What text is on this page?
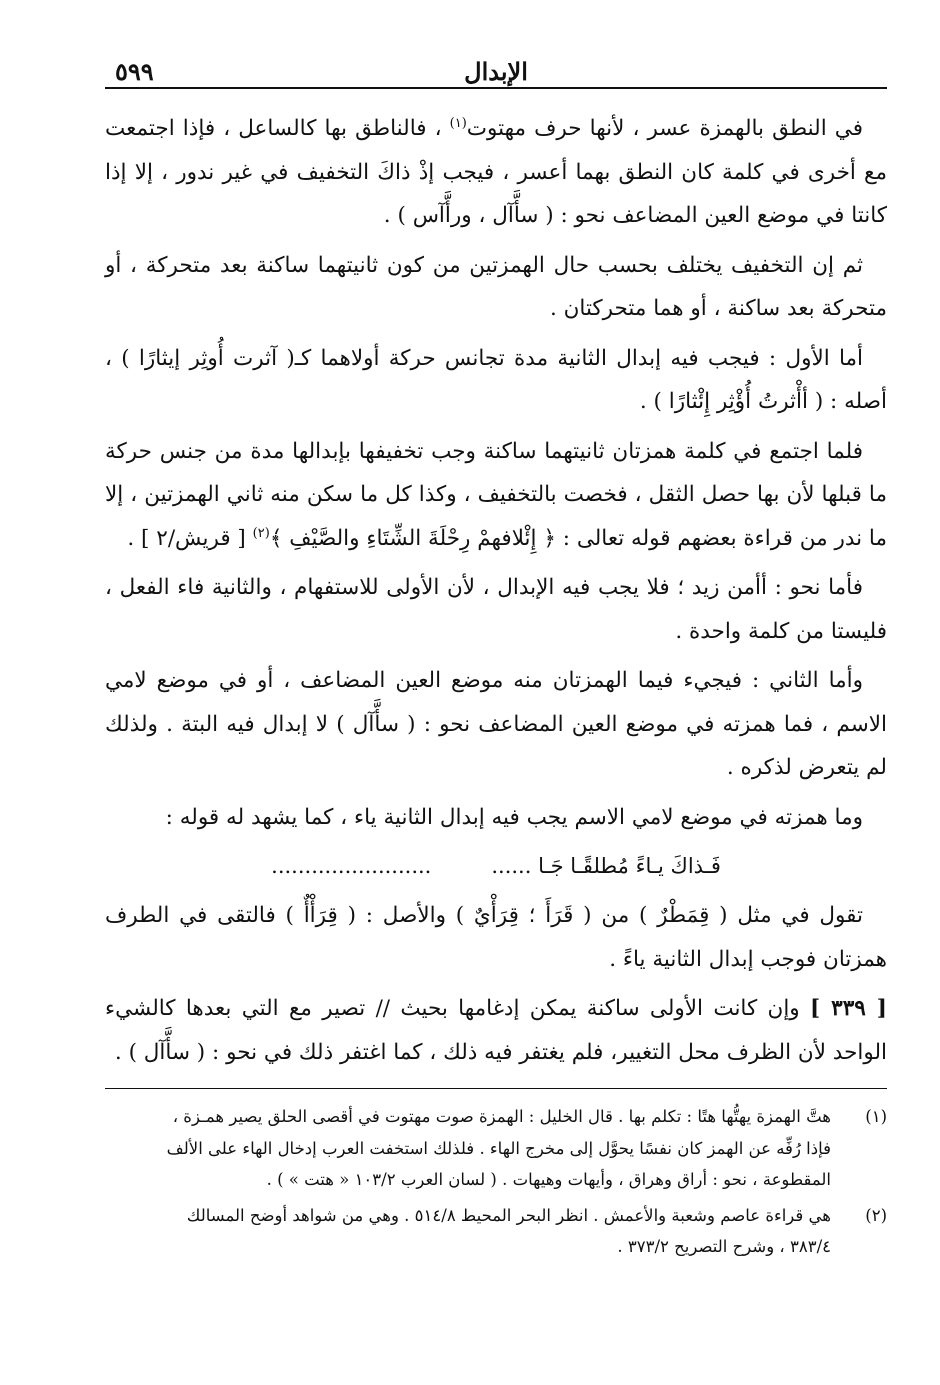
الإبدال
٥٩٩

في النطق بالهمزة عسر ، لأنها حرف مهتوت$^{(١)}$ ، فالناطق بها كالساعل ، فإذا اجتمعت مع أخرى في كلمة كان النطق بهما أعسر ، فيجب إذْ ذاكَ التخفيف في غير ندور ، إلا إذا كانتا في موضع العين المضاعف نحو : ( سأَّآل ، ورأَّآس ) .

ثم إن التخفيف يختلف بحسب حال الهمزتين من كون ثانيتهما ساكنة بعد متحركة ، أو متحركة بعد ساكنة ، أو هما متحركتان .

أما الأول : فيجب فيه إبدال الثانية مدة تجانس حركة أولاهما كـ( آثرت أُوثِر إيثارًا ) ، أصله : ( أأْثرتُ أُؤْثِر إِئْثارًا ) .

فلما اجتمع في كلمة همزتان ثانيتهما ساكنة وجب تخفيفها بإبدالها مدة من جنس حركة ما قبلها لأن بها حصل الثقل ، فخصت بالتخفيف ، وكذا كل ما سكن منه ثاني الهمزتين ، إلا ما ندر من قراءة بعضهم قوله تعالى : ﴿ إِئْلافهمْ رِحْلَةَ الشِّتَاءِ والصَّيْفِ ﴾$^{(٢)}$ [ قريش/٢ ] .

فأما نحو : أأمن زيد ؛ فلا يجب فيه الإبدال ، لأن الأولى للاستفهام ، والثانية فاء الفعل ، فليستا من كلمة واحدة .

وأما الثاني : فيجيء فيما الهمزتان منه موضع العين المضاعف ، أو في موضع لامي الاسم ، فما همزته في موضع العين المضاعف نحو : ( سأَّآل ) لا إبدال فيه البتة . ولذلك لم يتعرض لذكره .

وما همزته في موضع لامي الاسم يجب فيه إبدال الثانية ياء ، كما يشهد له قوله :

فَـذاكَ يـاءً مُطلقًـا جَـا ......
........................

تقول في مثل ( قِمَطْرٌ ) من ( قَرَأَ ؛ قِرَأْيٌ ) والأصل : ( قِرَأْأٌ ) فالتقى في الطرف همزتان فوجب إبدال الثانية ياءً .

[ ٣٣٩ ] وإن كانت الأولى ساكنة يمكن إدغامها بحيث // تصير مع التي بعدها كالشيء الواحد لأن الظرف محل التغيير، فلم يغتفر فيه ذلك ، كما اغتفر ذلك في نحو : ( سأَّآل ) .

(١)
هتَّ الهمزة يهتُّها هتًا : تكلم بها . قال الخليل : الهمزة صوت مهتوت في أقصى الحلق يصير همـزة ،
فإذا رُفِّه عن الهمز كان نفسًا يحوَّل إلى مخرج الهاء . فلذلك استخفت العرب إدخال الهاء على الألف
المقطوعة ، نحو : أراق وهراق ، وأيهات وهيهات . ( لسان العرب ١٠٣/٢ « هتت » ) .
(٢)
هي قراءة عاصم وشعبة والأعمش . انظر البحر المحيط ٥١٤/٨ . وهي من شواهد أوضح المسالك
٣٨٣/٤ ، وشرح التصريح ٣٧٣/٢ .
